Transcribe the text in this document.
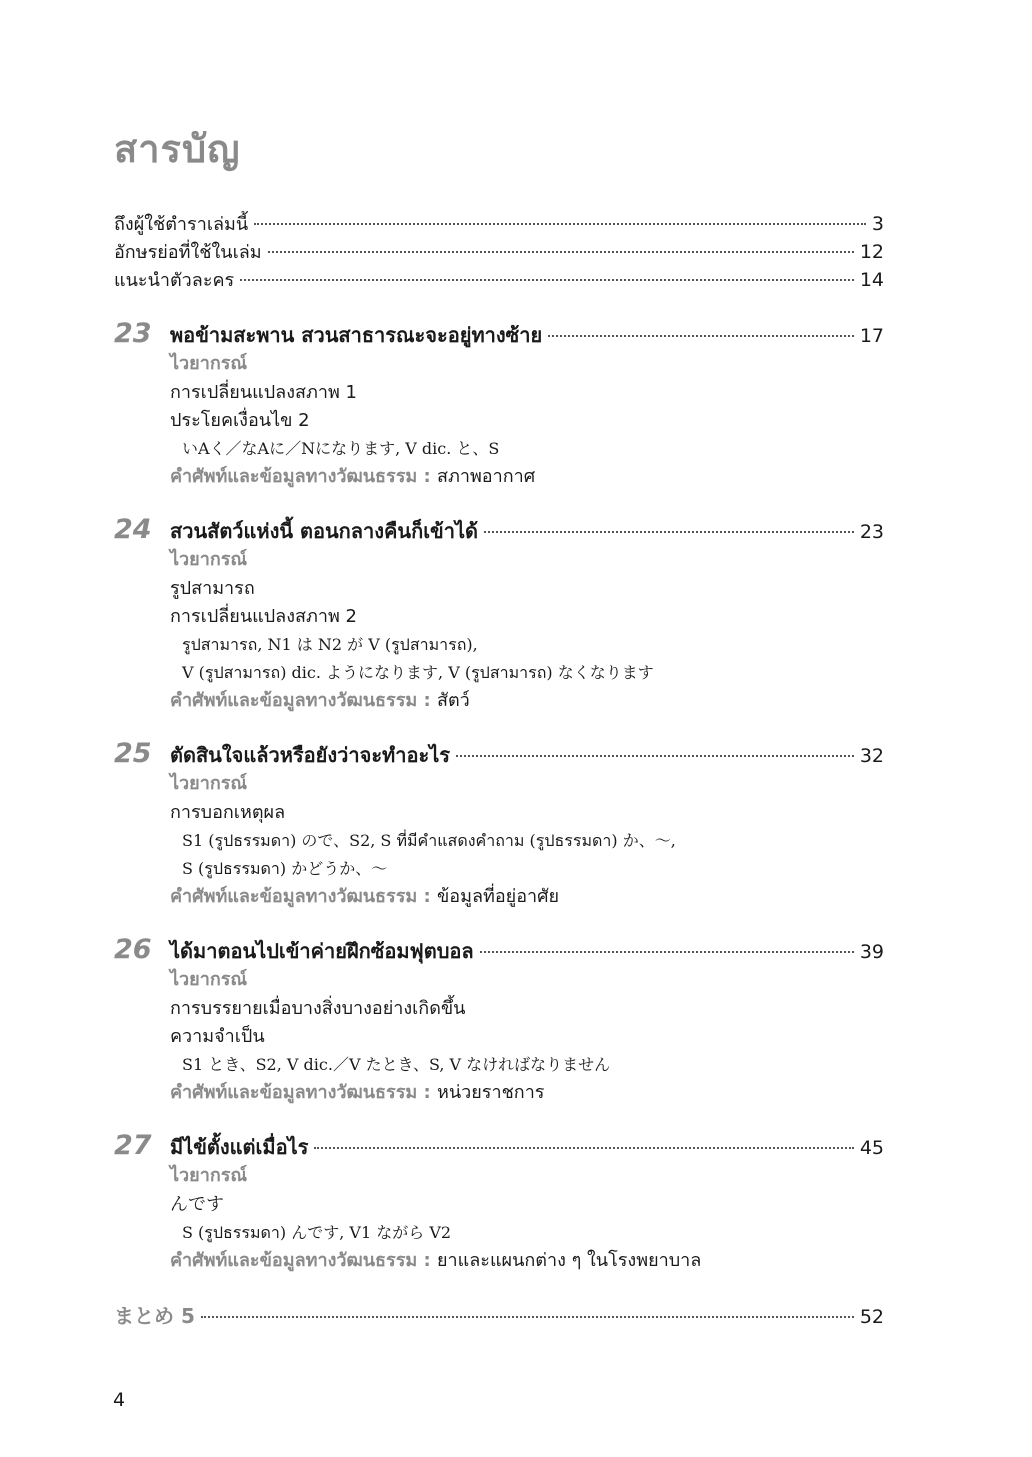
สารบัญ
ถึงผู้ใช้ตำราเล่มนี้	3
อักษรย่อที่ใช้ในเล่ม	12
แนะนำตัวละคร	14
23 พอข้ามสะพาน สวนสาธารณะจะอยู่ทางซ้าย	17
ไวยากรณ์
การเปลี่ยนแปลงสภาพ 1
ประโยคเงื่อนไข 2
いAく／なAに／Nになります, V dic. と、S
คำศัพท์และข้อมูลทางวัฒนธรรม : สภาพอากาศ
24 สวนสัตว์แห่งนี้ ตอนกลางคืนก็เข้าได้	23
ไวยากรณ์
รูปสามารถ
การเปลี่ยนแปลงสภาพ 2
รูปสามารถ, N1 は N2 が V (รูปสามารถ),
V (รูปสามารถ) dic. ようになります, V (รูปสามารถ) なくなります
คำศัพท์และข้อมูลทางวัฒนธรรม : สัตว์
25 ตัดสินใจแล้วหรือยังว่าจะทำอะไร	32
ไวยากรณ์
การบอกเหตุผล
S1 (รูปธรรมดา) ので、S2, S ที่มีคำแสดงคำถาม (รูปธรรมดา) か、～,
S (รูปธรรมดา) かどうか、～
คำศัพท์และข้อมูลทางวัฒนธรรม : ข้อมูลที่อยู่อาศัย
26 ได้มาตอนไปเข้าค่ายฝึกซ้อมฟุตบอล	39
ไวยากรณ์
การบรรยายเมื่อบางสิ่งบางอย่างเกิดขึ้น
ความจำเป็น
S1 とき、S2, V dic.／V たとき、S, V なければなりません
คำศัพท์และข้อมูลทางวัฒนธรรม : หน่วยราชการ
27 มีไข้ตั้งแต่เมื่อไร	45
ไวยากรณ์
んです
S (รูปธรรมดา) んです, V1 ながら V2
คำศัพท์และข้อมูลทางวัฒนธรรม : ยาและแผนกต่าง ๆ ในโรงพยาบาล
まとめ 5	52
4
